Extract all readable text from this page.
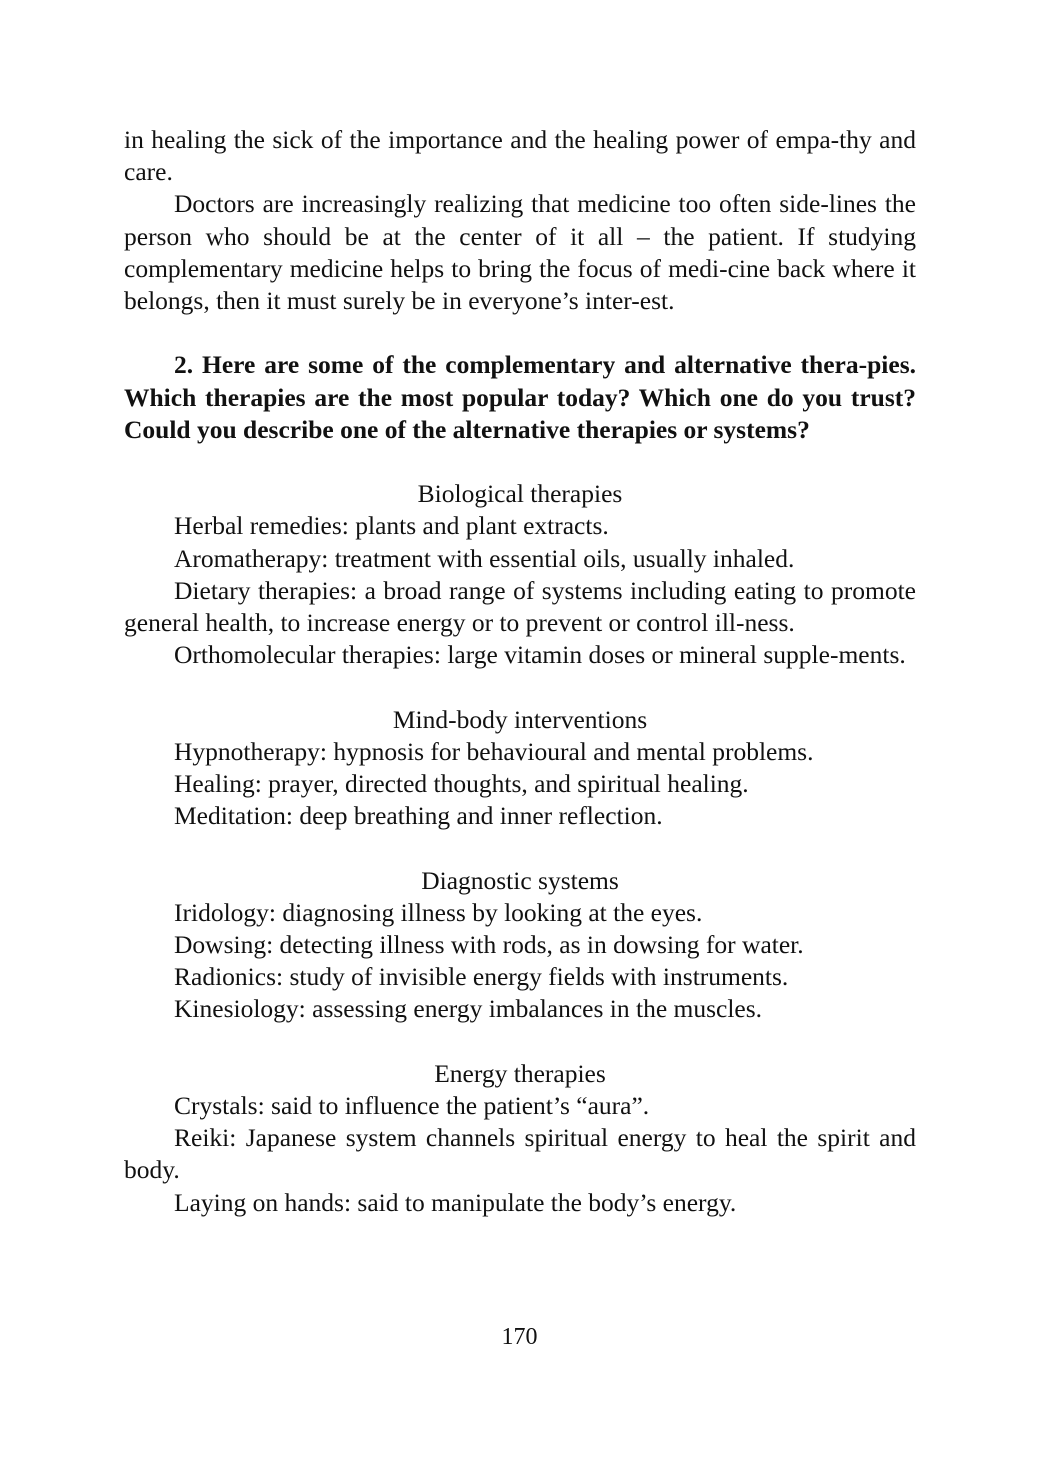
in healing the sick of the importance and the healing power of empa-thy and care.

Doctors are increasingly realizing that medicine too often side-lines the person who should be at the center of it all – the patient. If studying complementary medicine helps to bring the focus of medi-cine back where it belongs, then it must surely be in everyone’s inter-est.

2. Here are some of the complementary and alternative thera-pies. Which therapies are the most popular today? Which one do you trust? Could you describe one of the alternative therapies or systems?

Biological therapies

Herbal remedies: plants and plant extracts.

Aromatherapy: treatment with essential oils, usually inhaled.

Dietary therapies: a broad range of systems including eating to promote general health, to increase energy or to prevent or control ill-ness.

Orthomolecular therapies: large vitamin doses or mineral supple-ments.

Mind-body interventions

Hypnotherapy: hypnosis for behavioural and mental problems.

Healing: prayer, directed thoughts, and spiritual healing.

Meditation: deep breathing and inner reflection.

Diagnostic systems

Iridology: diagnosing illness by looking at the eyes.

Dowsing: detecting illness with rods, as in dowsing for water.

Radionics: study of invisible energy fields with instruments.

Kinesiology: assessing energy imbalances in the muscles.

Energy therapies

Crystals: said to influence the patient’s “aura”.

Reiki: Japanese system channels spiritual energy to heal the spirit and body.

Laying on hands: said to manipulate the body’s energy.

170
